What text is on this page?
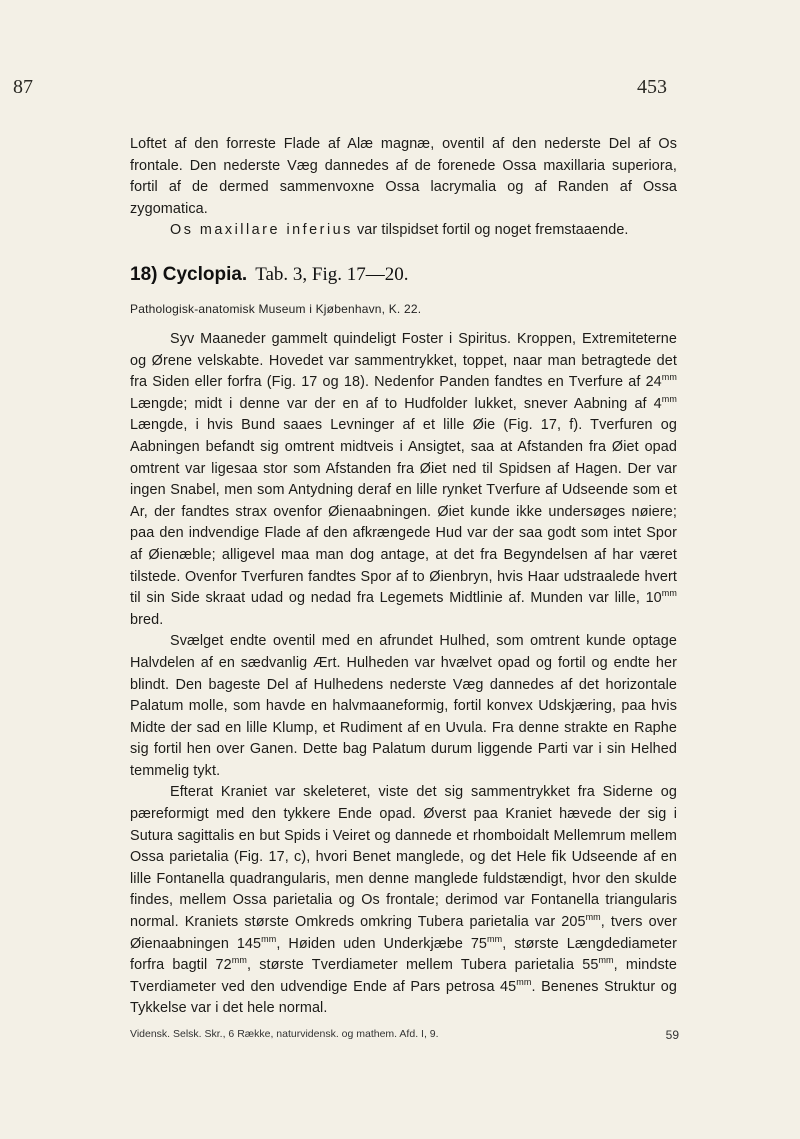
87	453

Loftet af den forreste Flade af Alæ magnæ, oventil af den nederste Del af Os frontale. Den nederste Væg dannedes af de forenede Ossa maxillaria superiora, fortil af de dermed sammenvoxne Ossa lacrymalia og af Randen af Ossa zygomatica.

Os maxillare inferius var tilspidset fortil og noget fremstaaende.

18) Cyclopia. Tab. 3, Fig. 17—20.
Pathologisk-anatomisk Museum i Kjøbenhavn, K. 22.

Syv Maaneder gammelt quindeligt Foster i Spiritus. Kroppen, Extremiteterne og Ørene velskabte. Hovedet var sammentrykket, toppet, naar man betragtede det fra Siden eller forfra (Fig. 17 og 18). Nedenfor Panden fandtes en Tverfure af $24^{mm}$ Længde; midt i denne var der en af to Hudfolder lukket, snever Aabning af $4^{mm}$ Længde, i hvis Bund saaes Levninger af et lille Øie (Fig. 17, f). Tverfuren og Aabningen befandt sig omtrent midtveis i Ansigtet, saa at Afstanden fra Øiet opad omtrent var ligesaa stor som Afstanden fra Øiet ned til Spidsen af Hagen. Der var ingen Snabel, men som Antydning deraf en lille rynket Tverfure af Udseende som et Ar, der fandtes strax ovenfor Øienaabningen. Øiet kunde ikke undersøges nøiere; paa den indvendige Flade af den afkrængede Hud var der saa godt som intet Spor af Øienæble; alligevel maa man dog antage, at det fra Begyndelsen af har været tilstede. Ovenfor Tverfuren fandtes Spor af to Øienbryn, hvis Haar udstraalede hvert til sin Side skraat udad og nedad fra Legemets Midtlinie af. Munden var lille, $10^{mm}$ bred.

Svælget endte oventil med en afrundet Hulhed, som omtrent kunde optage Halvdelen af en sædvanlig Ært. Hulheden var hvælvet opad og fortil og endte her blindt. Den bageste Del af Hulhedens nederste Væg dannedes af det horizontale Palatum molle, som havde en halvmaaneformig, fortil konvex Udskjæring, paa hvis Midte der sad en lille Klump, et Rudiment af en Uvula. Fra denne strakte en Raphe sig fortil hen over Ganen. Dette bag Palatum durum liggende Parti var i sin Helhed temmelig tykt.

Efterat Kraniet var skeleteret, viste det sig sammentrykket fra Siderne og pæreformigt med den tykkere Ende opad. Øverst paa Kraniet hævede der sig i Sutura sagittalis en but Spids i Veiret og dannede et rhomboidalt Mellemrum mellem Ossa parietalia (Fig. 17, c), hvori Benet manglede, og det Hele fik Udseende af en lille Fontanella quadrangularis, men denne manglede fuldstændigt, hvor den skulde findes, mellem Ossa parietalia og Os frontale; derimod var Fontanella triangularis normal. Kraniets største Omkreds omkring Tubera parietalia var $205^{mm}$, tvers over Øienaabningen $145^{mm}$, Høiden uden Underkjæbe $75^{mm}$, største Længdediameter forfra bagtil $72^{mm}$, største Tverdiameter mellem Tubera parietalia $55^{mm}$, mindste Tverdiameter ved den udvendige Ende af Pars petrosa $45^{mm}$. Benenes Struktur og Tykkelse var i det hele normal.

Vidensk. Selsk. Skr., 6 Række, naturvidensk. og mathem. Afd. I, 9.	59
